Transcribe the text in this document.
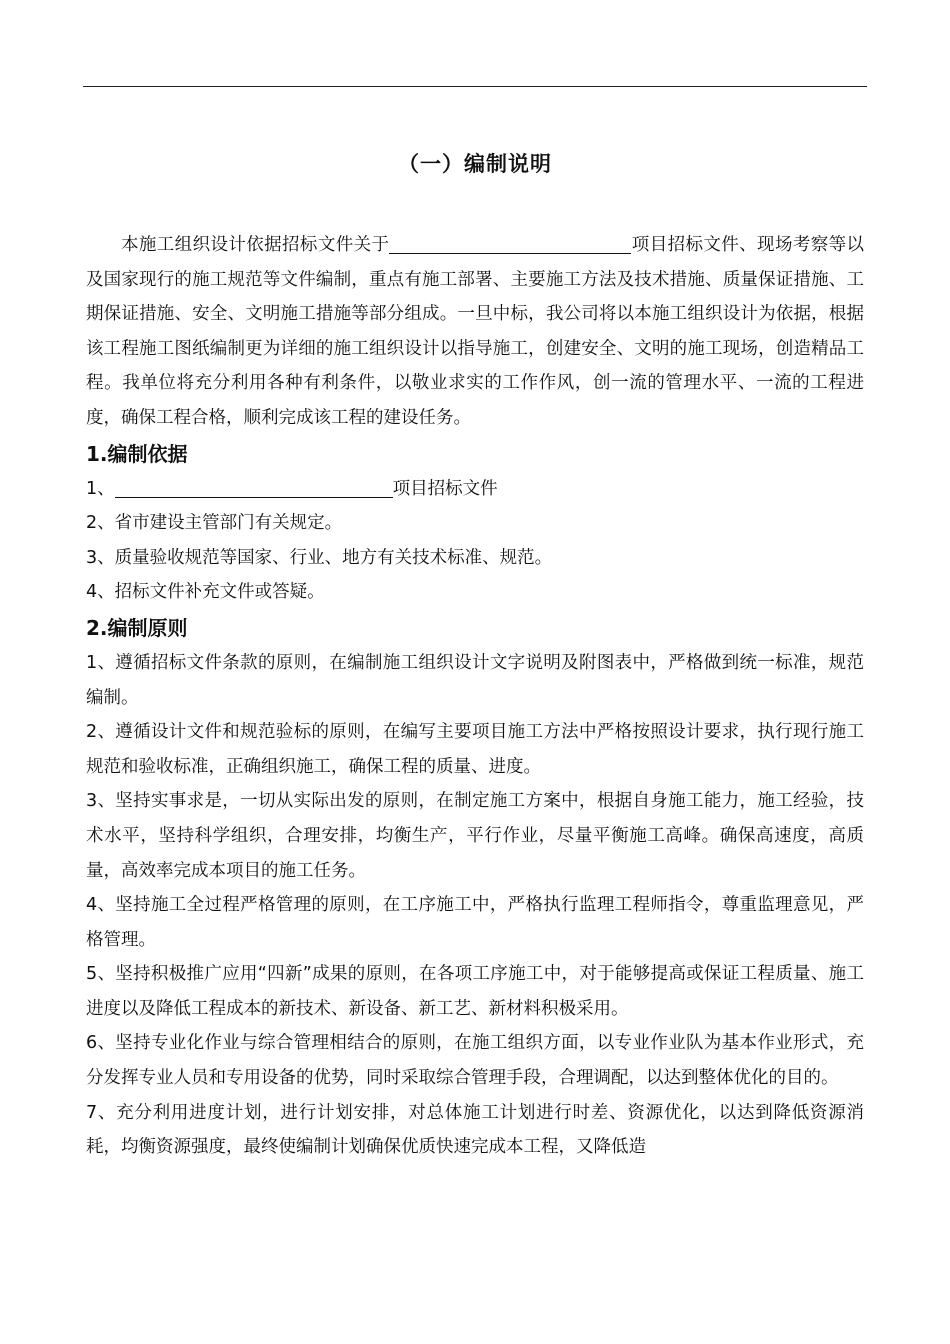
（一）编制说明

本施工组织设计依据招标文件关于	项目招标文件、现场考察等以及国家现行的施工规范等文件编制，重点有施工部署、主要施工方法及技术措施、质量保证措施、工期保证措施、安全、文明施工措施等部分组成。一旦中标，我公司将以本施工组织设计为依据，根据该工程施工图纸编制更为详细的施工组织设计以指导施工，创建安全、文明的施工现场，创造精品工程。我单位将充分利用各种有利条件，以敬业求实的工作作风，创一流的管理水平、一流的工程进度，确保工程合格，顺利完成该工程的建设任务。

1.编制依据

1、	项目招标文件

2、省市建设主管部门有关规定。

3、质量验收规范等国家、行业、地方有关技术标准、规范。

4、招标文件补充文件或答疑。

2.编制原则

1、遵循招标文件条款的原则，在编制施工组织设计文字说明及附图表中，严格做到统一标准，规范编制。

2、遵循设计文件和规范验标的原则，在编写主要项目施工方法中严格按照设计要求，执行现行施工规范和验收标准，正确组织施工，确保工程的质量、进度。

3、坚持实事求是，一切从实际出发的原则，在制定施工方案中，根据自身施工能力，施工经验，技术水平，坚持科学组织，合理安排，均衡生产，平行作业，尽量平衡施工高峰。确保高速度，高质量，高效率完成本项目的施工任务。

4、坚持施工全过程严格管理的原则，在工序施工中，严格执行监理工程师指令，尊重监理意见，严格管理。

5、坚持积极推广应用“四新”成果的原则，在各项工序施工中，对于能够提高或保证工程质量、施工进度以及降低工程成本的新技术、新设备、新工艺、新材料积极采用。

6、坚持专业化作业与综合管理相结合的原则，在施工组织方面，以专业作业队为基本作业形式，充分发挥专业人员和专用设备的优势，同时采取综合管理手段，合理调配，以达到整体优化的目的。

7、充分利用进度计划，进行计划安排，对总体施工计划进行时差、资源优化，以达到降低资源消耗，均衡资源强度，最终使编制计划确保优质快速完成本工程，又降低造
